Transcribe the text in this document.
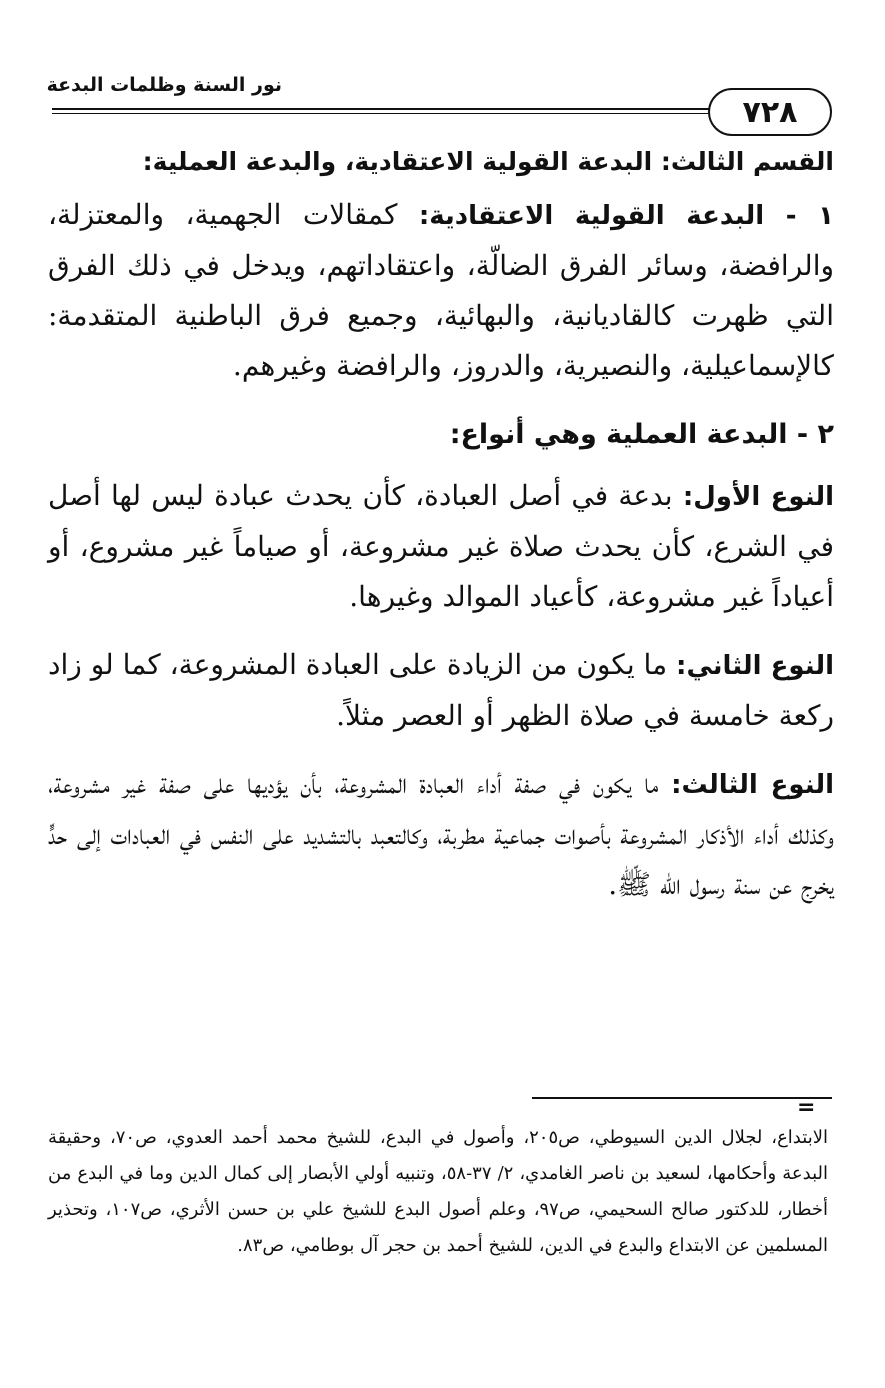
نور السنة وظلمات البدعة
٧٢٨

القسم الثالث: البدعة القولية الاعتقادية، والبدعة العملية:

١ - البدعة القولية الاعتقادية: كمقالات الجهمية، والمعتزلة، والرافضة، وسائر الفرق الضالّة، واعتقاداتهم، ويدخل في ذلك الفرق التي ظهرت كالقاديانية، والبهائية، وجميع فرق الباطنية المتقدمة: كالإسماعيلية، والنصيرية، والدروز، والرافضة وغيرهم.

٢ - البدعة العملية وهي أنواع:

النوع الأول: بدعة في أصل العبادة، كأن يحدث عبادة ليس لها أصل في الشرع، كأن يحدث صلاة غير مشروعة، أو صياماً غير مشروع، أو أعياداً غير مشروعة، كأعياد الموالد وغيرها.

النوع الثاني: ما يكون من الزيادة على العبادة المشروعة، كما لو زاد ركعة خامسة في صلاة الظهر أو العصر مثلاً.

النوع الثالث: ما يكون في صفة أداء العبادة المشروعة، بأن يؤديها على صفة غير مشروعة، وكذلك أداء الأذكار المشروعة بأصوات جماعية مطربة، وكالتعبد بالتشديد على النفس في العبادات إلى حدٍّ يخرج عن سنة رسول الله ﷺ.

=
الابتداع، لجلال الدين السيوطي، ص٢٠٥، وأصول في البدع، للشيخ محمد أحمد العدوي، ص٧٠، وحقيقة البدعة وأحكامها، لسعيد بن ناصر الغامدي، ٢/ ٣٧-٥٨، وتنبيه أولي الأبصار إلى كمال الدين وما في البدع من أخطار، للدكتور صالح السحيمي، ص٩٧، وعلم أصول البدع للشيخ علي بن حسن الأثري، ص١٠٧، وتحذير المسلمين عن الابتداع والبدع في الدين، للشيخ أحمد بن حجر آل بوطامي، ص٨٣.
